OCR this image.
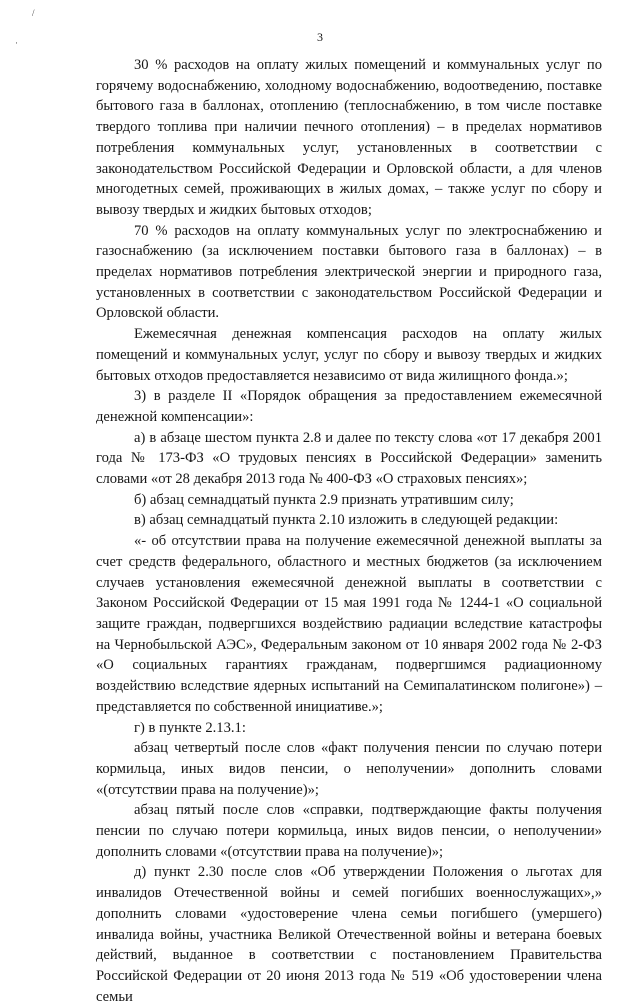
/
·	3

30 % расходов на оплату жилых помещений и коммунальных услуг по горячему водоснабжению, холодному водоснабжению, водоотведению, поставке бытового газа в баллонах, отоплению (теплоснабжению, в том числе поставке твердого топлива при наличии печного отопления) – в пределах нормативов потребления коммунальных услуг, установленных в соответствии с законодательством Российской Федерации и Орловской области, а для членов многодетных семей, проживающих в жилых домах, – также услуг по сбору и вывозу твердых и жидких бытовых отходов;

70 % расходов на оплату коммунальных услуг по электроснабжению и газоснабжению (за исключением поставки бытового газа в баллонах) – в пределах нормативов потребления электрической энергии и природного газа, установленных в соответствии с законодательством Российской Федерации и Орловской области.

Ежемесячная денежная компенсация расходов на оплату жилых помещений и коммунальных услуг, услуг по сбору и вывозу твердых и жидких бытовых отходов предоставляется независимо от вида жилищного фонда.»;

3) в разделе II «Порядок обращения за предоставлением ежемесячной денежной компенсации»:

а) в абзаце шестом пункта 2.8 и далее по тексту слова «от 17 декабря 2001 года № 173-ФЗ «О трудовых пенсиях в Российской Федерации» заменить словами «от 28 декабря 2013 года № 400-ФЗ «О страховых пенсиях»;

б) абзац семнадцатый пункта 2.9 признать утратившим силу;

в) абзац семнадцатый пункта 2.10 изложить в следующей редакции:

«- об отсутствии права на получение ежемесячной денежной выплаты за счет средств федерального, областного и местных бюджетов (за исключением случаев установления ежемесячной денежной выплаты в соответствии с Законом Российской Федерации от 15 мая 1991 года № 1244-1 «О социальной защите граждан, подвергшихся воздействию радиации вследствие катастрофы на Чернобыльской АЭС», Федеральным законом от 10 января 2002 года № 2-ФЗ «О социальных гарантиях гражданам, подвергшимся радиационному воздействию вследствие ядерных испытаний на Семипалатинском полигоне») – представляется по собственной инициативе.»;

г) в пункте 2.13.1:

абзац четвертый после слов «факт получения пенсии по случаю потери кормильца, иных видов пенсии, о неполучении» дополнить словами «(отсутствии права на получение)»;

абзац пятый после слов «справки, подтверждающие факты получения пенсии по случаю потери кормильца, иных видов пенсии, о неполучении» дополнить словами «(отсутствии права на получение)»;

д) пункт 2.30 после слов «Об утверждении Положения о льготах для инвалидов Отечественной войны и семей погибших военнослужащих»,» дополнить словами «удостоверение члена семьи погибшего (умершего) инвалида войны, участника Великой Отечественной войны и ветерана боевых действий, выданное в соответствии с постановлением Правительства Российской Федерации от 20 июня 2013 года № 519 «Об удостоверении члена семьи
